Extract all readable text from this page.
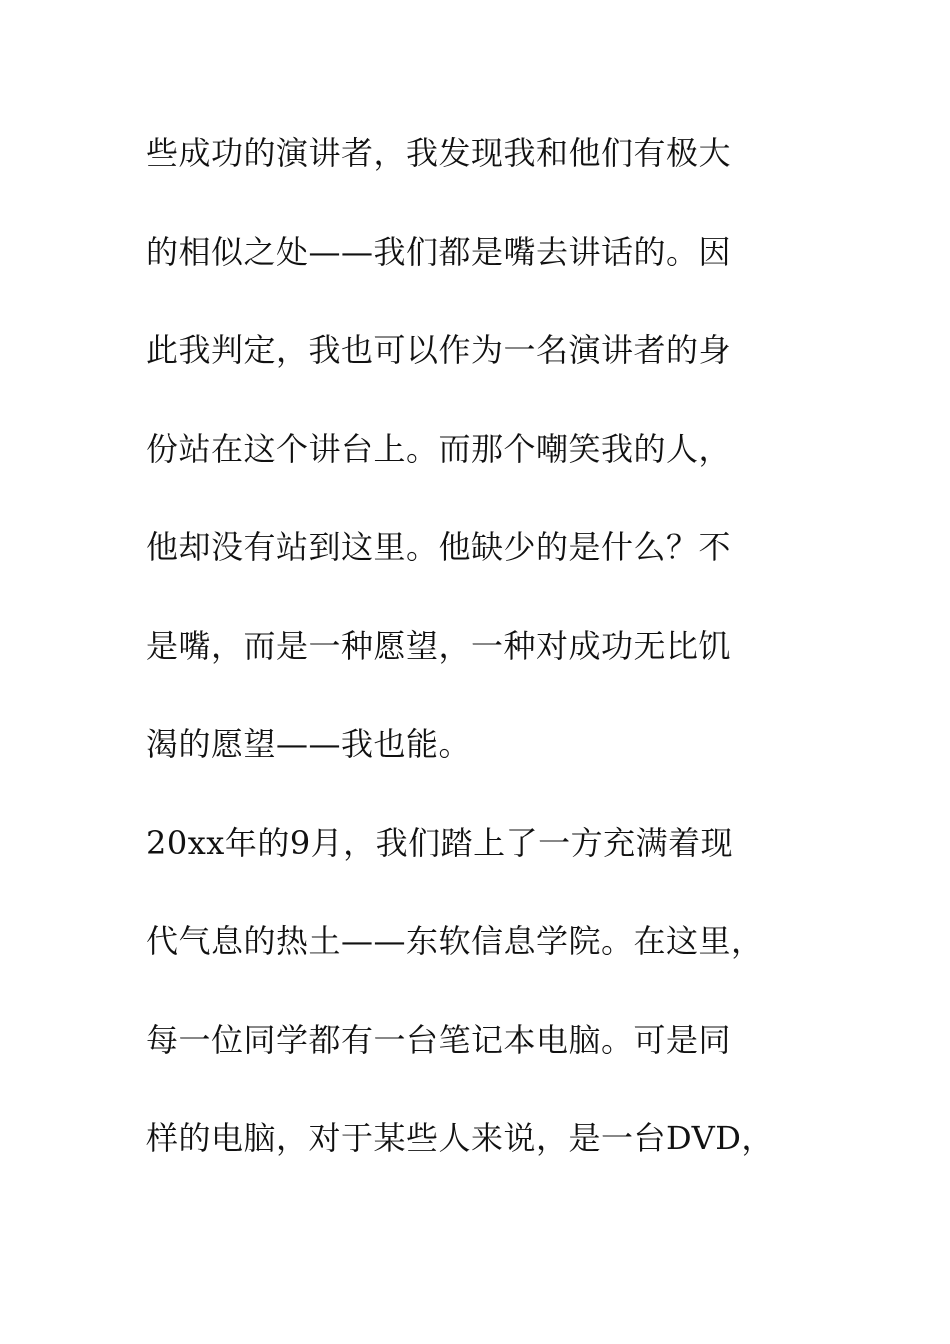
些成功的演讲者，我发现我和他们有极大
的相似之处——我们都是嘴去讲话的。因
此我判定，我也可以作为一名演讲者的身
份站在这个讲台上。而那个嘲笑我的人，
他却没有站到这里。他缺少的是什么？不
是嘴，而是一种愿望，一种对成功无比饥
渴的愿望——我也能。
20xx年的9月，我们踏上了一方充满着现
代气息的热土——东软信息学院。在这里，
每一位同学都有一台笔记本电脑。可是同
样的电脑，对于某些人来说，是一台DVD，
